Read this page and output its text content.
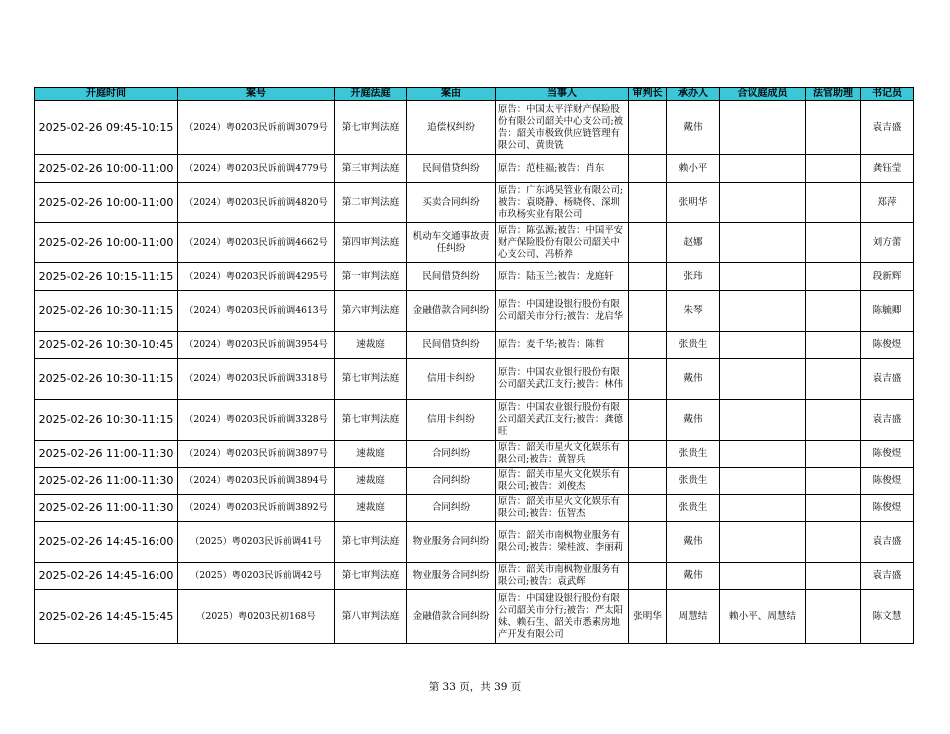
开庭时间	案号	开庭法庭	案由	当事人	审判长	承办人	合议庭成员	法官助理	书记员
2025-02-26 09:45-10:15	（2024）粤0203民诉前调3079号	第七审判法庭	追偿权纠纷	原告：中国太平洋财产保险股份有限公司韶关中心支公司;被告：韶关市极致供应链管理有限公司、黄贵铣		戴伟			袁吉盛
2025-02-26 10:00-11:00	（2024）粤0203民诉前调4779号	第三审判法庭	民间借贷纠纷	原告：范桂福;被告：肖东		赖小平			龚钰莹
2025-02-26 10:00-11:00	（2024）粤0203民诉前调4820号	第二审判法庭	买卖合同纠纷	原告：广东鸿昊管业有限公司;被告：袁晓静、杨晓佟、深圳市玖杨实业有限公司		张明华			郑萍
2025-02-26 10:00-11:00	（2024）粤0203民诉前调4662号	第四审判法庭	机动车交通事故责任纠纷	原告：陈弘源;被告：中国平安财产保险股份有限公司韶关中心支公司、冯桥养		赵娜			刘方蕾
2025-02-26 10:15-11:15	（2024）粤0203民诉前调4295号	第一审判法庭	民间借贷纠纷	原告：陆玉兰;被告：龙庭轩		张玮			段新辉
2025-02-26 10:30-11:15	（2024）粤0203民诉前调4613号	第六审判法庭	金融借款合同纠纷	原告：中国建设银行股份有限公司韶关市分行;被告：龙启华		朱琴			陈毓卿
2025-02-26 10:30-10:45	（2024）粤0203民诉前调3954号	速裁庭	民间借贷纠纷	原告：麦千华;被告：陈哲		张贵生			陈俊煜
2025-02-26 10:30-11:15	（2024）粤0203民诉前调3318号	第七审判法庭	信用卡纠纷	原告：中国农业银行股份有限公司韶关武江支行;被告：林伟		戴伟			袁吉盛
2025-02-26 10:30-11:15	（2024）粤0203民诉前调3328号	第七审判法庭	信用卡纠纷	原告：中国农业银行股份有限公司韶关武江支行;被告：龚德旺		戴伟			袁吉盛
2025-02-26 11:00-11:30	（2024）粤0203民诉前调3897号	速裁庭	合同纠纷	原告：韶关市星火文化娱乐有限公司;被告：黄智兵		张贵生			陈俊煜
2025-02-26 11:00-11:30	（2024）粤0203民诉前调3894号	速裁庭	合同纠纷	原告：韶关市星火文化娱乐有限公司;被告：刘俊杰		张贵生			陈俊煜
2025-02-26 11:00-11:30	（2024）粤0203民诉前调3892号	速裁庭	合同纠纷	原告：韶关市星火文化娱乐有限公司;被告：伍智杰		张贵生			陈俊煜
2025-02-26 14:45-16:00	（2025）粤0203民诉前调41号	第七审判法庭	物业服务合同纠纷	原告：韶关市南枫物业服务有限公司;被告：梁桂波、李丽莉		戴伟			袁吉盛
2025-02-26 14:45-16:00	（2025）粤0203民诉前调42号	第七审判法庭	物业服务合同纠纷	原告：韶关市南枫物业服务有限公司;被告：袁武辉		戴伟			袁吉盛
2025-02-26 14:45-15:45	（2025）粤0203民初168号	第八审判法庭	金融借款合同纠纷	原告：中国建设银行股份有限公司韶关市分行;被告：严太阳妹、赖石生、韶关市悉素房地产开发有限公司	张明华	周慧结	赖小平、周慧结		陈文慧
第 33 页，共 39 页
